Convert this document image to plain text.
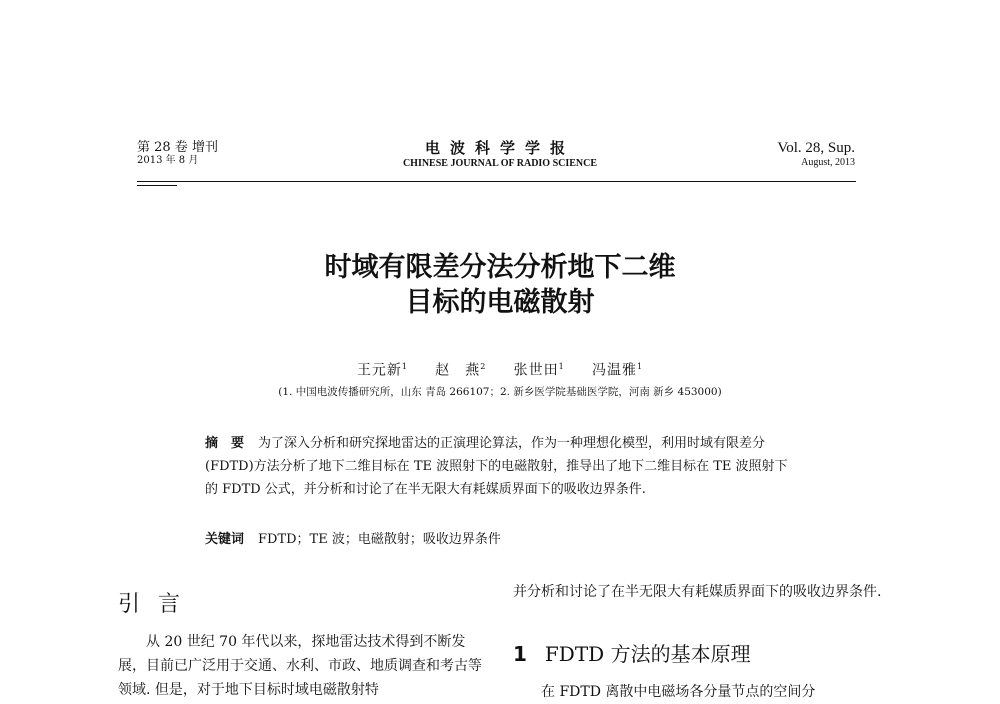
第 28 卷 增刊
2013 年 8 月
电波科学学报
CHINESE JOURNAL OF RADIO SCIENCE
Vol. 28, Sup.
August, 2013
时域有限差分法分析地下二维
目标的电磁散射
王元新$^1$ 赵　燕$^2$ 张世田$^1$ 冯温雅$^1$
(1. 中国电波传播研究所，山东 青岛 266107；2. 新乡医学院基础医学院，河南 新乡 453000)
摘　要 为了深入分析和研究探地雷达的正演理论算法，作为一种理想化模型，利用时域有限差分(FDTD)方法分析了地下二维目标在 TE 波照射下的电磁散射，推导出了地下二维目标在 TE 波照射下的 FDTD 公式，并分析和讨论了在半无限大有耗媒质界面下的吸收边界条件.
关键词 FDTD；TE 波；电磁散射；吸收边界条件
引言
从 20 世纪 70 年代以来，探地雷达技术得到不断发展，目前已广泛用于交通、水利、市政、地质调查和考古等领域. 但是，对于地下目标时域电磁散射特
并分析和讨论了在半无限大有耗媒质界面下的吸收边界条件.
1 FDTD 方法的基本原理
在 FDTD 离散中电磁场各分量节点的空间分
